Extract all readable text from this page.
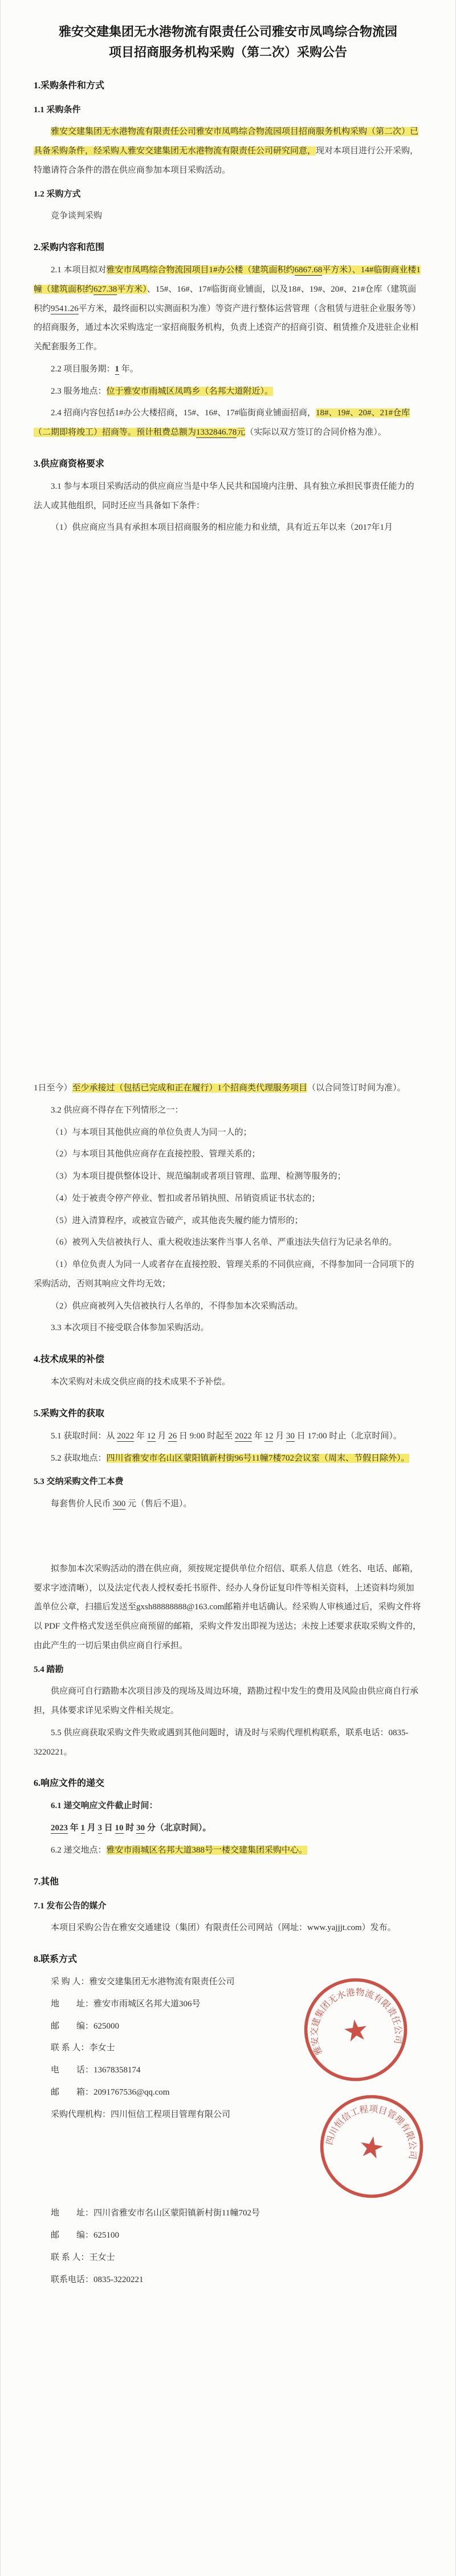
雅安交建集团无水港物流有限责任公司雅安市凤鸣综合物流园项目招商服务机构采购（第二次）采购公告
1.采购条件和方式
1.1 采购条件
雅安交建集团无水港物流有限责任公司雅安市凤鸣综合物流园项目招商服务机构采购（第二次）已具备采购条件，经采购人雅安交建集团无水港物流有限责任公司研究同意，现对本项目进行公开采购，特邀请符合条件的潜在供应商参加本项目采购活动。
1.2 采购方式
竞争谈判采购
2.采购内容和范围
2.1 本项目拟对雅安市凤鸣综合物流园项目1#办公楼（建筑面积约6867.68平方米）、14#临街商业楼1幢（建筑面积约627.38平方米）、15#、16#、17#临街商业铺面，以及18#、19#、20#、21#仓库（建筑面积约9541.26平方米，最终面积以实测面积为准）等资产进行整体运营管理（含租赁与进驻企业服务等）的招商服务，通过本次采购选定一家招商服务机构，负责上述资产的招商引资、租赁推介及进驻企业相关配套服务工作。
2.2 项目服务期：1 年。
2.3 服务地点：位于雅安市雨城区凤鸣乡（名邦大道附近）。
2.4 招商内容包括1#办公大楼招商，15#、16#、17#临街商业铺面招商，18#、19#、20#、21#仓库（二期即将竣工）招商等。预计租费总额为1332846.78元（实际以双方签订的合同价格为准）。
3.供应商资格要求
3.1 参与本项目采购活动的供应商应当是中华人民共和国境内注册、具有独立承担民事责任能力的法人或其他组织，同时还应当具备如下条件：
（1）供应商应当具有承担本项目招商服务的相应能力和业绩，具有近五年以来（2017年1月
1日至今）至少承接过（包括已完成和正在履行）1个招商类代理服务项目（以合同签订时间为准）。
3.2 供应商不得存在下列情形之一：
（1）与本项目其他供应商的单位负责人为同一人的；
（2）与本项目其他供应商存在直接控股、管理关系的；
（3）为本项目提供整体设计、规范编制或者项目管理、监理、检测等服务的；
（4）处于被责令停产停业、暂扣或者吊销执照、吊销资质证书状态的；
（5）进入清算程序，或被宣告破产，或其他丧失履约能力情形的；
（6）被列入失信被执行人、重大税收违法案件当事人名单、严重违法失信行为记录名单的。
（1）单位负责人为同一人或者存在直接控股、管理关系的不同供应商，不得参加同一合同项下的采购活动，否则其响应文件均无效；
（2）供应商被列入失信被执行人名单的，不得参加本次采购活动。
3.3 本次项目不接受联合体参加采购活动。
4.技术成果的补偿
本次采购对未成交供应商的技术成果不予补偿。
5.采购文件的获取
5.1 获取时间：从 2022 年 12 月 26 日 9:00 时起至 2022 年 12 月 30 日 17:00 时止（北京时间）。
5.2 获取地点：四川省雅安市名山区蒙阳镇新村街96号11幢7楼702会议室（周末、节假日除外）。
5.3 交纳采购文件工本费
每套售价人民币 300 元（售后不退）。
拟参加本次采购活动的潜在供应商，须按规定提供单位介绍信、联系人信息（姓名、电话、邮箱，要求字迹清晰），以及法定代表人授权委托书原件、经办人身份证复印件等相关资料，上述资料均须加盖单位公章，扫描后发送至gxsh88888888@163.com邮箱并电话确认。经采购人审核通过后，采购文件将以 PDF 文件格式发送至供应商预留的邮箱，采购文件发出即视为送达；未按上述要求获取采购文件的，由此产生的一切后果由供应商自行承担。
5.4 踏勘
供应商可自行踏勘本次项目涉及的现场及周边环境，踏勘过程中发生的费用及风险由供应商自行承担，具体要求详见采购文件相关规定。
5.5 供应商获取采购文件失败或遇到其他问题时，请及时与采购代理机构联系，联系电话：0835-3220221。
6.响应文件的递交
6.1 递交响应文件截止时间：
2023 年 1 月 3 日 10 时 30 分（北京时间）。
6.2 递交地点：雅安市雨城区名邦大道388号一楼交建集团采购中心。
7.其他
7.1 发布公告的媒介
本项目采购公告在雅安交通建设（集团）有限责任公司网站（网址：www.yajjjt.com）发布。
8.联系方式
采 购 人：雅安交建集团无水港物流有限责任公司
地　　址：雅安市雨城区名邦大道306号
邮　　编：625000
联 系 人：李女士
电　　话：13678358174
邮　　箱：2091767536@qq.com
采购代理机构：四川恒信工程项目管理有限公司
地　　址：四川省雅安市名山区蒙阳镇新村街11幢702号
邮　　编：625100
联 系 人：王女士
联系电话：0835-3220221
雅安交建集团无水港物流有限责任公司
★
四川恒信工程项目管理有限公司
★
